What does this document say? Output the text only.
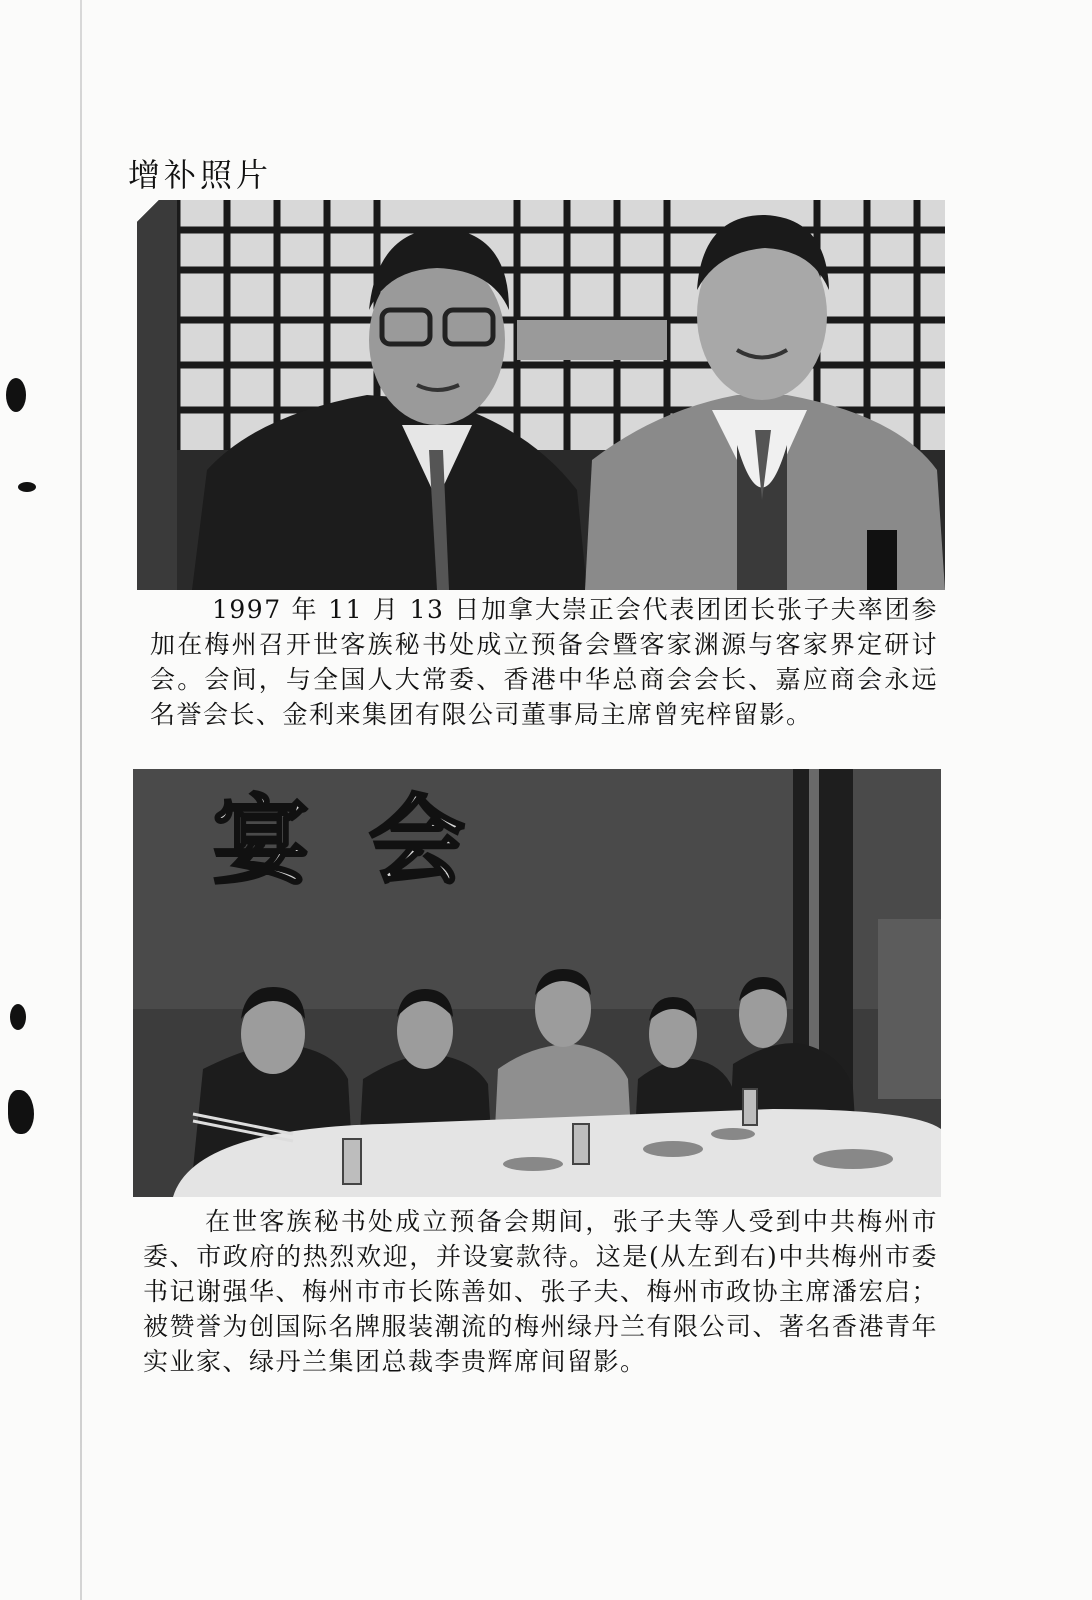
增补照片

1997 年 11 月 13 日加拿大崇正会代表团团长张子夫率团参加在梅州召开世客族秘书处成立预备会暨客家渊源与客家界定研讨会。会间，与全国人大常委、香港中华总商会会长、嘉应商会永远名誉会长、金利来集团有限公司董事局主席曾宪梓留影。

宴会

在世客族秘书处成立预备会期间，张子夫等人受到中共梅州市委、市政府的热烈欢迎，并设宴款待。这是(从左到右)中共梅州市委书记谢强华、梅州市市长陈善如、张子夫、梅州市政协主席潘宏启；被赞誉为创国际名牌服装潮流的梅州绿丹兰有限公司、著名香港青年实业家、绿丹兰集团总裁李贵辉席间留影。
